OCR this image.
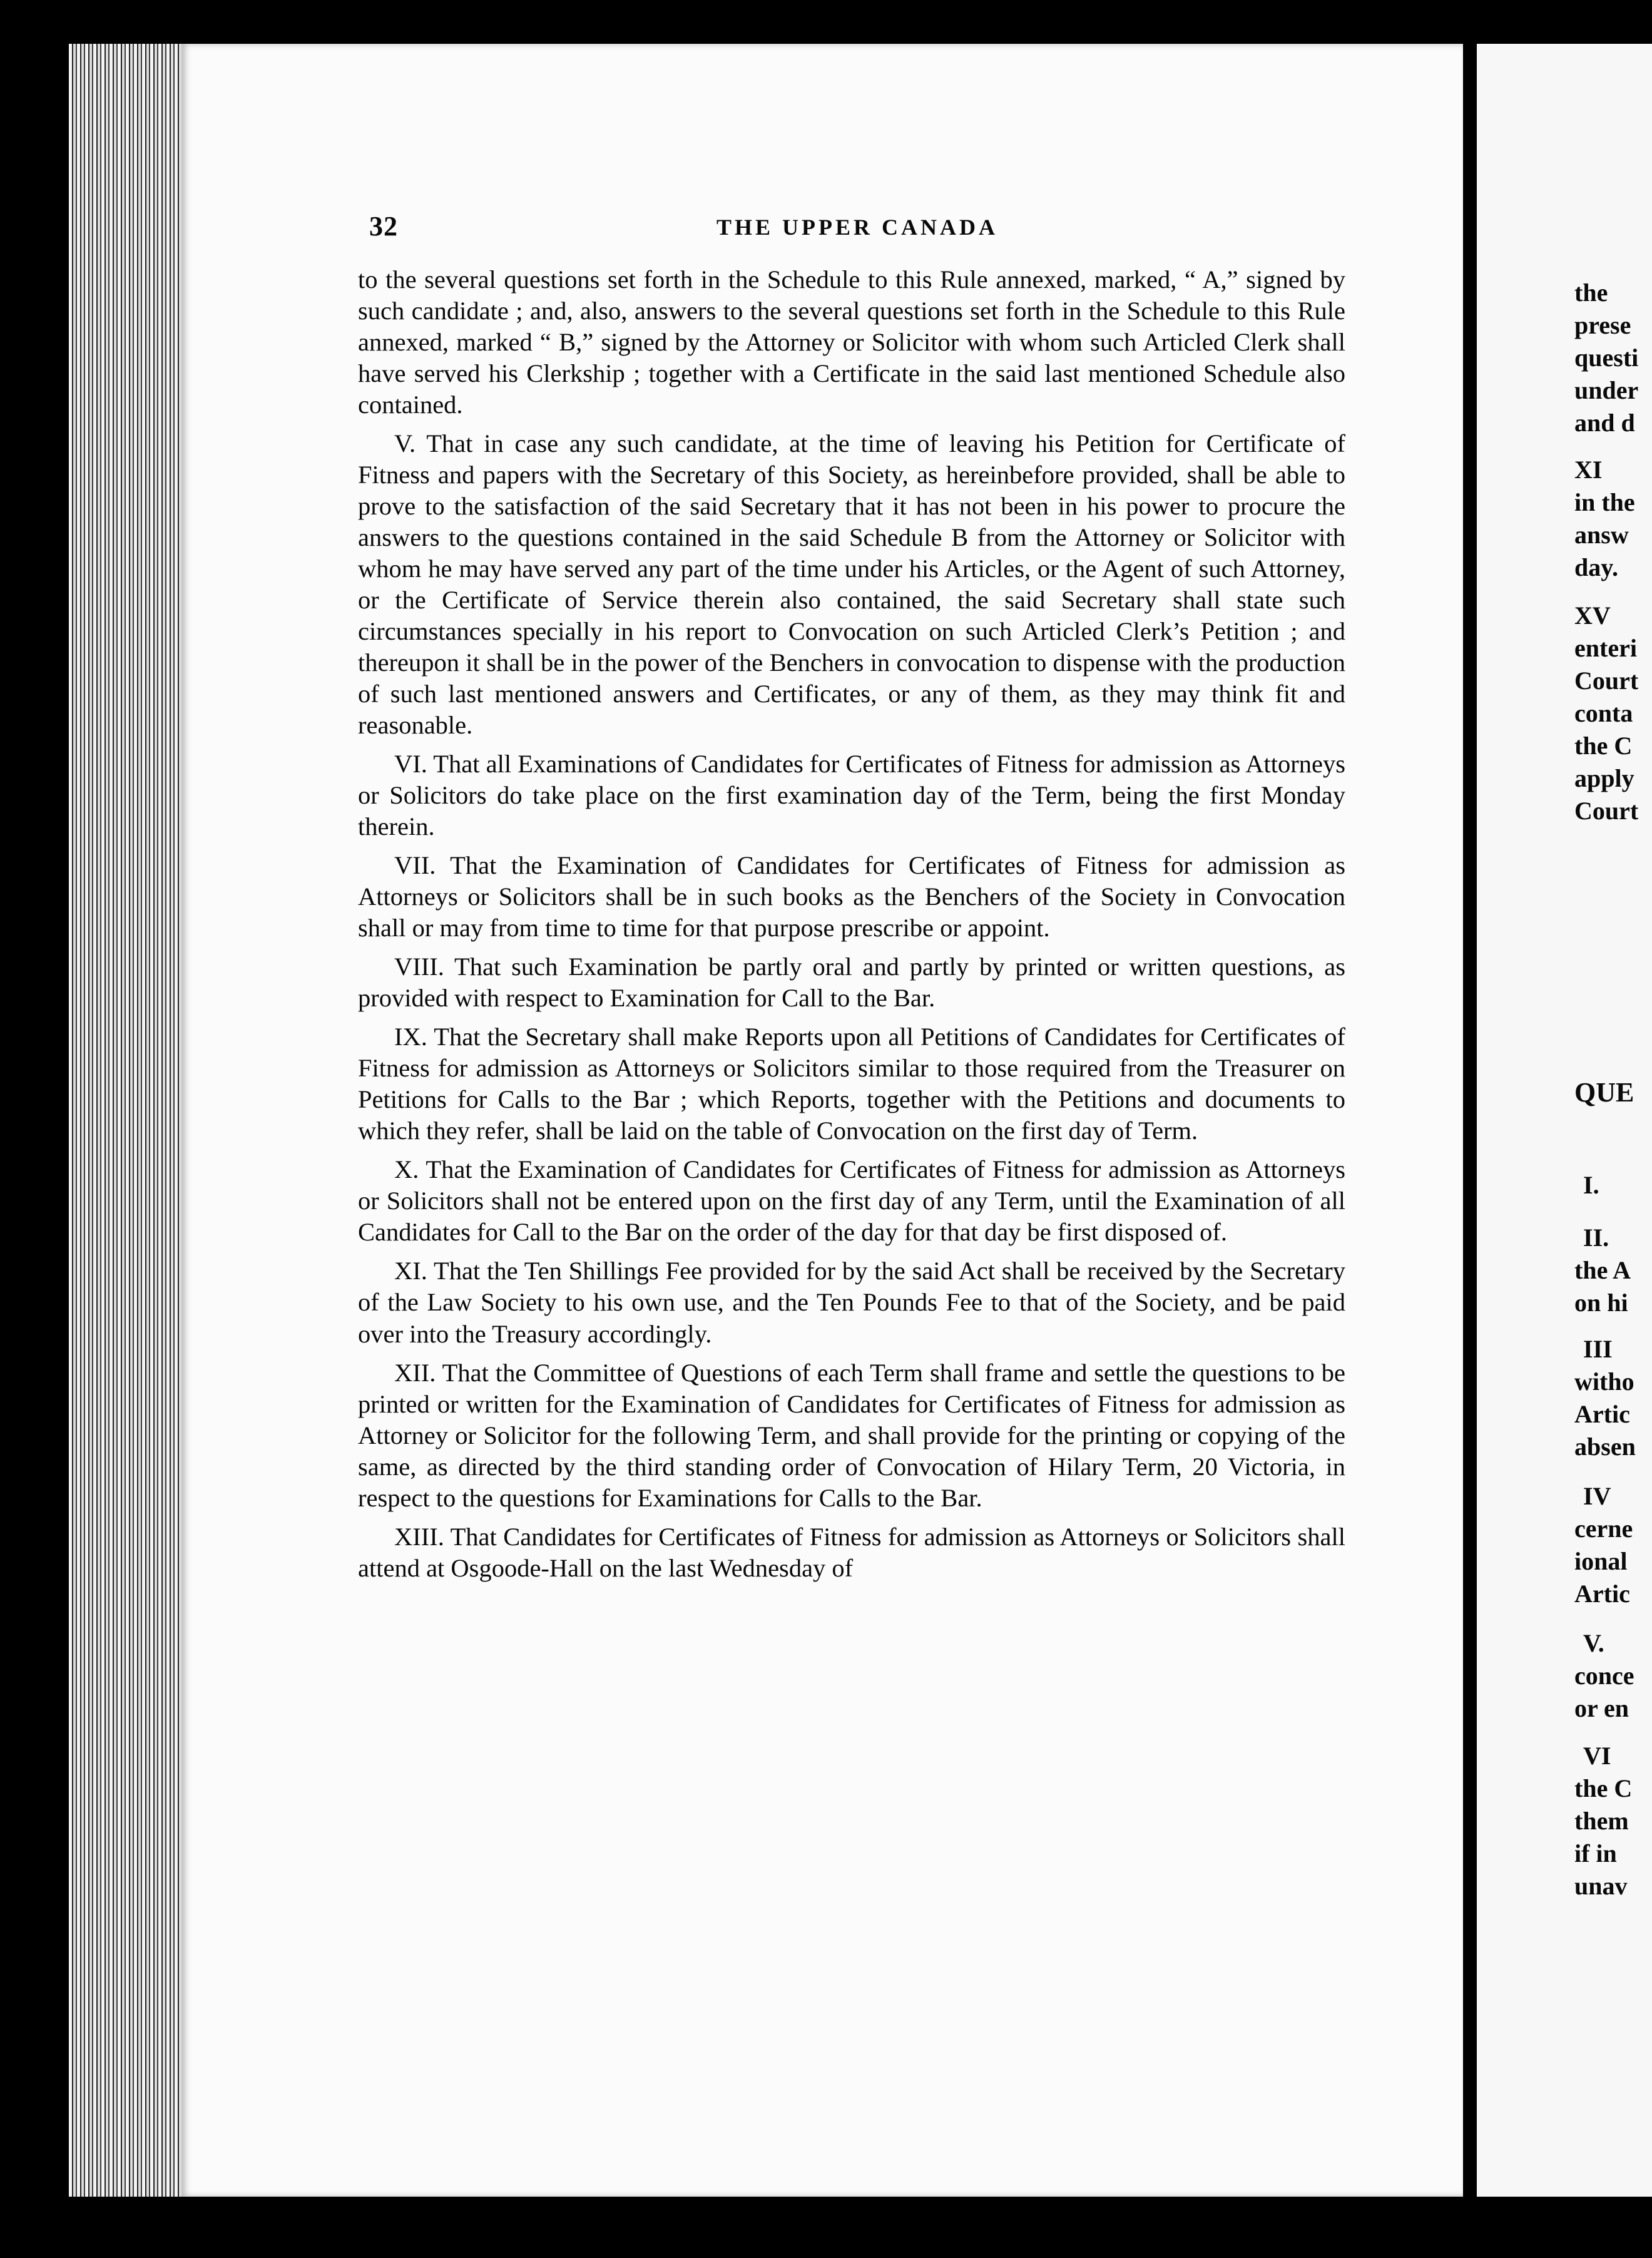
32	THE UPPER CANADA

to the several questions set forth in the Schedule to this Rule annexed, marked, “ A,” signed by such candidate ; and, also, answers to the several questions set forth in the Schedule to this Rule annexed, marked “ B,” signed by the Attorney or Solicitor with whom such Articled Clerk shall have served his Clerkship ; together with a Certificate in the said last mentioned Schedule also contained.

V. That in case any such candidate, at the time of leaving his Petition for Certificate of Fitness and papers with the Secretary of this Society, as hereinbefore provided, shall be able to prove to the satisfaction of the said Secretary that it has not been in his power to procure the answers to the questions contained in the said Schedule B from the Attorney or Solicitor with whom he may have served any part of the time under his Articles, or the Agent of such Attorney, or the Certificate of Service therein also contained, the said Secretary shall state such circumstances specially in his report to Convocation on such Articled Clerk’s Petition ; and thereupon it shall be in the power of the Benchers in convocation to dispense with the production of such last mentioned answers and Certificates, or any of them, as they may think fit and reasonable.

VI. That all Examinations of Candidates for Certificates of Fitness for admission as Attorneys or Solicitors do take place on the first examination day of the Term, being the first Monday therein.

VII. That the Examination of Candidates for Certificates of Fitness for admission as Attorneys or Solicitors shall be in such books as the Benchers of the Society in Convocation shall or may from time to time for that purpose prescribe or appoint.

VIII. That such Examination be partly oral and partly by printed or written questions, as provided with respect to Examination for Call to the Bar.

IX. That the Secretary shall make Reports upon all Petitions of Candidates for Certificates of Fitness for admission as Attorneys or Solicitors similar to those required from the Treasurer on Petitions for Calls to the Bar ; which Reports, together with the Petitions and documents to which they refer, shall be laid on the table of Convocation on the first day of Term.

X. That the Examination of Candidates for Certificates of Fitness for admission as Attorneys or Solicitors shall not be entered upon on the first day of any Term, until the Examination of all Candidates for Call to the Bar on the order of the day for that day be first disposed of.

XI. That the Ten Shillings Fee provided for by the said Act shall be received by the Secretary of the Law Society to his own use, and the Ten Pounds Fee to that of the Society, and be paid over into the Treasury accordingly.

XII. That the Committee of Questions of each Term shall frame and settle the questions to be printed or written for the Examination of Candidates for Certificates of Fitness for admission as Attorney or Solicitor for the following Term, and shall provide for the printing or copying of the same, as directed by the third standing order of Convocation of Hilary Term, 20 Victoria, in respect to the questions for Examinations for Calls to the Bar.

XIII. That Candidates for Certificates of Fitness for admission as Attorneys or Solicitors shall attend at Osgoode-Hall on the last Wednesday of

the
prese
questi
under
and d
XI
in the
answ
day.
XV
enteri
Court
conta
the C
apply
Court
QUE
I.
II.
the A
on hi
III
witho
Artic
absen
IV
cerne
ional
Artic
V.
conce
or en
VI
the C
them
if in
unav
